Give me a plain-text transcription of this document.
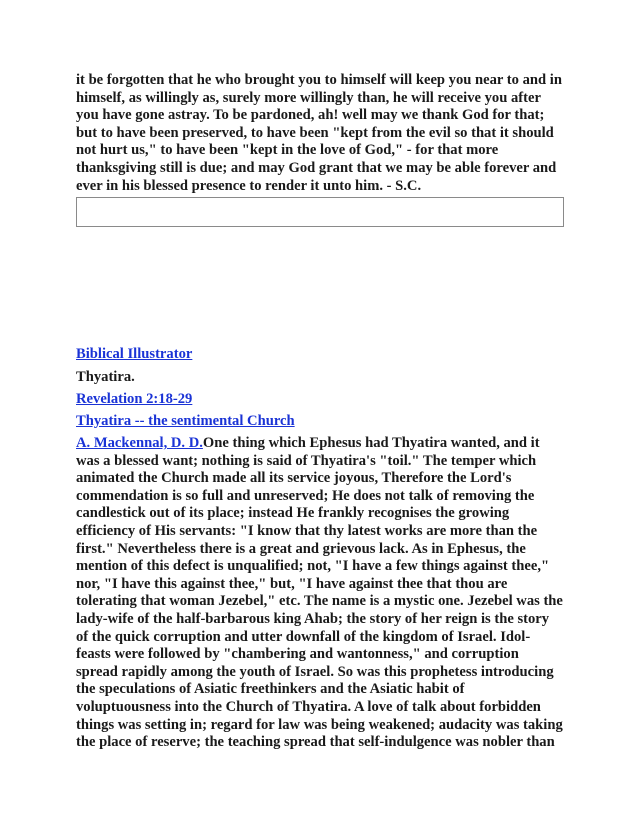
it be forgotten that he who brought you to himself will keep you near to and in
himself, as willingly as, surely more willingly than, he will receive you after
you have gone astray. To be pardoned, ah! well may we thank God for that;
but to have been preserved, to have been "kept from the evil so that it should
not hurt us," to have been "kept in the love of God," - for that more
thanksgiving still is due; and may God grant that we may be able forever and
ever in his blessed presence to render it unto him. - S.C.
Biblical Illustrator
Thyatira.
Revelation 2:18-29
Thyatira -- the sentimental Church
A. Mackennal, D. D.One thing which Ephesus had Thyatira wanted, and it
was a blessed want; nothing is said of Thyatira's "toil." The temper which
animated the Church made all its service joyous, Therefore the Lord's
commendation is so full and unreserved; He does not talk of removing the
candlestick out of its place; instead He frankly recognises the growing
efficiency of His servants: "I know that thy latest works are more than the
first." Nevertheless there is a great and grievous lack. As in Ephesus, the
mention of this defect is unqualified; not, "I have a few things against thee,"
nor, "I have this against thee," but, "I have against thee that thou are
tolerating that woman Jezebel," etc. The name is a mystic one. Jezebel was the
lady-wife of the half-barbarous king Ahab; the story of her reign is the story
of the quick corruption and utter downfall of the kingdom of Israel. Idol-
feasts were followed by "chambering and wantonness," and corruption
spread rapidly among the youth of Israel. So was this prophetess introducing
the speculations of Asiatic freethinkers and the Asiatic habit of
voluptuousness into the Church of Thyatira. A love of talk about forbidden
things was setting in; regard for law was being weakened; audacity was taking
the place of reserve; the teaching spread that self-indulgence was nobler than
